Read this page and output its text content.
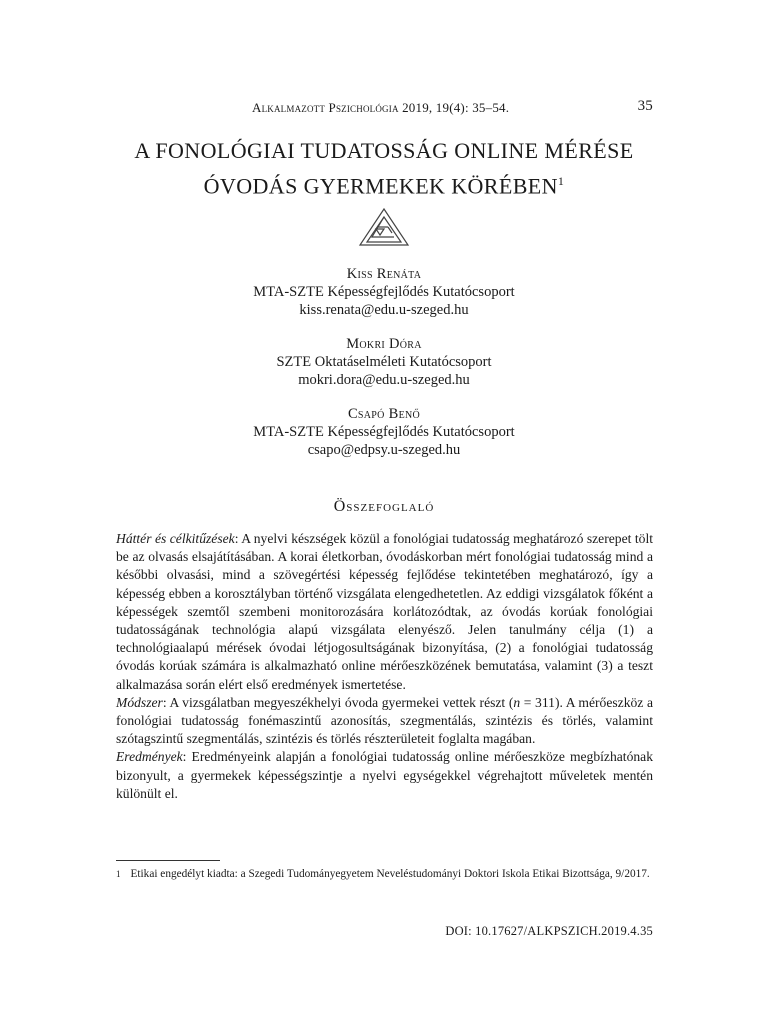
Alkalmazott Pszichológia 2019, 19(4): 35–54.	35
A FONOLÓGIAI TUDATOSSÁG ONLINE MÉRÉSE
ÓVODÁS GYERMEKEK KÖRÉBEN$^1$
Kiss Renáta
MTA-SZTE Képességfejlődés Kutatócsoport
kiss.renata@edu.u-szeged.hu
Mokri Dóra
SZTE Oktatáselméleti Kutatócsoport
mokri.dora@edu.u-szeged.hu
Csapó Benő
MTA-SZTE Képességfejlődés Kutatócsoport
csapo@edpsy.u-szeged.hu
Összefoglaló

Háttér és célkitűzések: A nyelvi készségek közül a fonológiai tudatosság meghatározó szerepet tölt be az olvasás elsajátításában. A korai életkorban, óvodáskorban mért fonológiai tudatosság mind a későbbi olvasási, mind a szövegértési képesség fejlődése tekintetében meghatározó, így a képesség ebben a korosztályban történő vizsgálata elengedhetetlen. Az eddigi vizsgálatok főként a képességek szemtől szembeni monitorozására korlátozódtak, az óvodás korúak fonológiai tudatosságának technológia alapú vizsgálata elenyésző. Jelen tanulmány célja (1) a technológiaalapú mérések óvodai létjogosultságának bizonyítása, (2) a fonológiai tudatosság óvodás korúak számára is alkalmazható online mérőeszközének bemutatása, valamint (3) a teszt alkalmazása során elért első eredmények ismertetése.

Módszer: A vizsgálatban megyeszékhelyi óvoda gyermekei vettek részt (n = 311). A mérőeszköz a fonológiai tudatosság fonémaszintű azonosítás, szegmentálás, szintézis és törlés, valamint szótagszintű szegmentálás, szintézis és törlés részterületeit foglalta magában.

Eredmények: Eredményeink alapján a fonológiai tudatosság online mérőeszköze megbízhatónak bizonyult, a gyermekek képességszintje a nyelvi egységekkel végrehajtott műveletek mentén különült el.

$^1$ Etikai engedélyt kiadta: a Szegedi Tudományegyetem Neveléstudományi Doktori Iskola Etikai Bizottsága, 9/2017.
DOI: 10.17627/ALKPSZICH.2019.4.35
